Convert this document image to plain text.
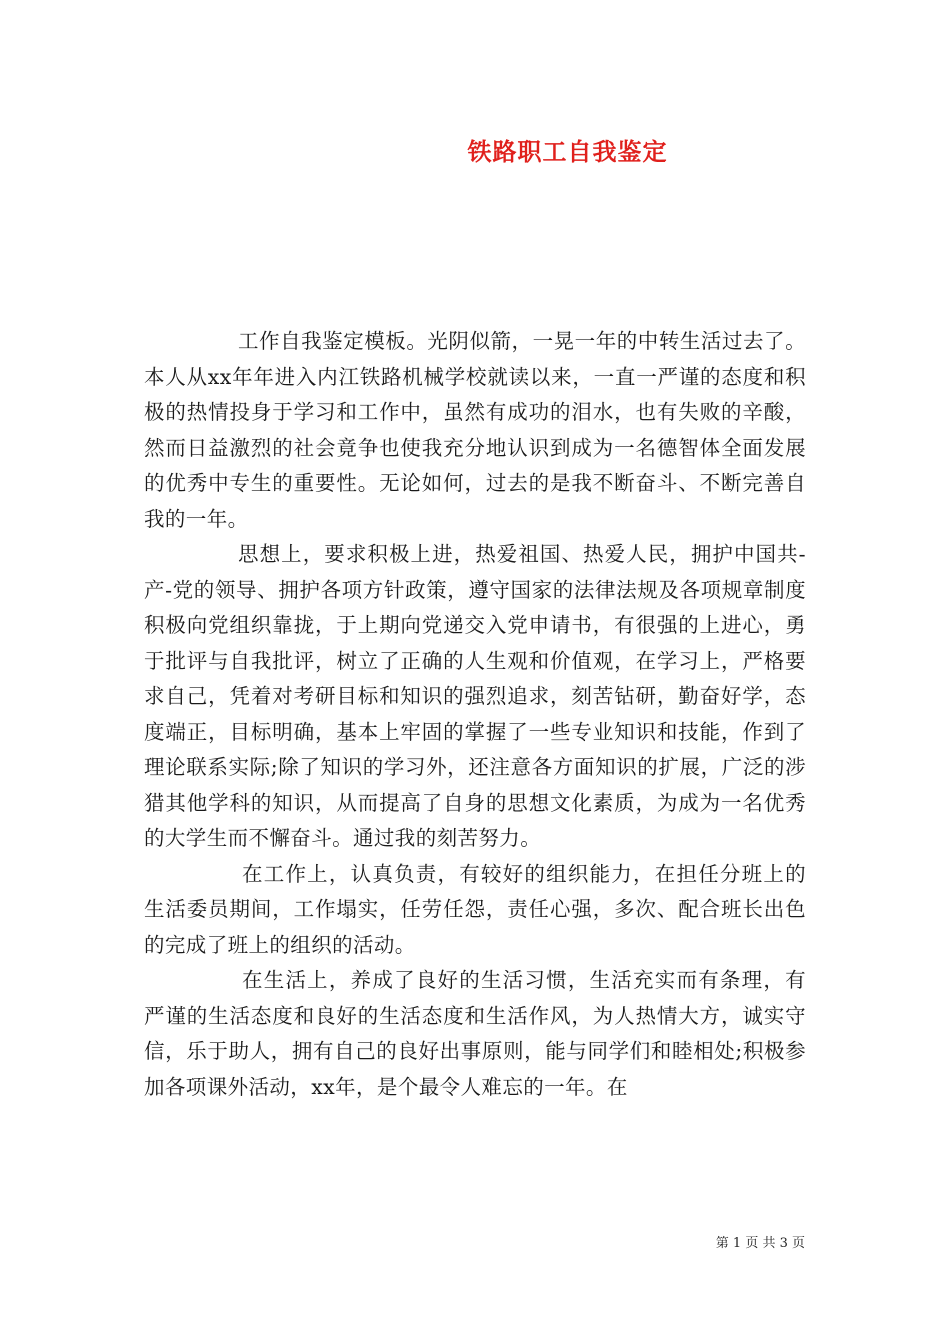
铁路职工自我鉴定

工作自我鉴定模板。光阴似箭，一晃一年的中转生活过去了。本人从xx年年进入内江铁路机械学校就读以来，一直一严谨的态度和积极的热情投身于学习和工作中，虽然有成功的泪水，也有失败的辛酸，然而日益激烈的社会竟争也使我充分地认识到成为一名德智体全面发展的优秀中专生的重要性。无论如何，过去的是我不断奋斗、不断完善自我的一年。

思想上，要求积极上进，热爱祖国、热爱人民，拥护中国共-产-党的领导、拥护各项方针政策，遵守国家的法律法规及各项规章制度积极向党组织靠拢，于上期向党递交入党申请书，有很强的上进心，勇于批评与自我批评，树立了正确的人生观和价值观，在学习上，严格要求自己，凭着对考研目标和知识的强烈追求，刻苦钻研，勤奋好学，态度端正，目标明确，基本上牢固的掌握了一些专业知识和技能，作到了理论联系实际;除了知识的学习外，还注意各方面知识的扩展，广泛的涉猎其他学科的知识，从而提高了自身的思想文化素质，为成为一名优秀的大学生而不懈奋斗。通过我的刻苦努力。

在工作上，认真负责，有较好的组织能力，在担任分班上的生活委员期间，工作塌实，任劳任怨，责任心强，多次、配合班长出色的完成了班上的组织的活动。

在生活上，养成了良好的生活习惯，生活充实而有条理，有严谨的生活态度和良好的生活态度和生活作风，为人热情大方，诚实守信，乐于助人，拥有自己的良好出事原则，能与同学们和睦相处;积极参加各项课外活动，xx年，是个最令人难忘的一年。在

第 1 页 共 3 页
